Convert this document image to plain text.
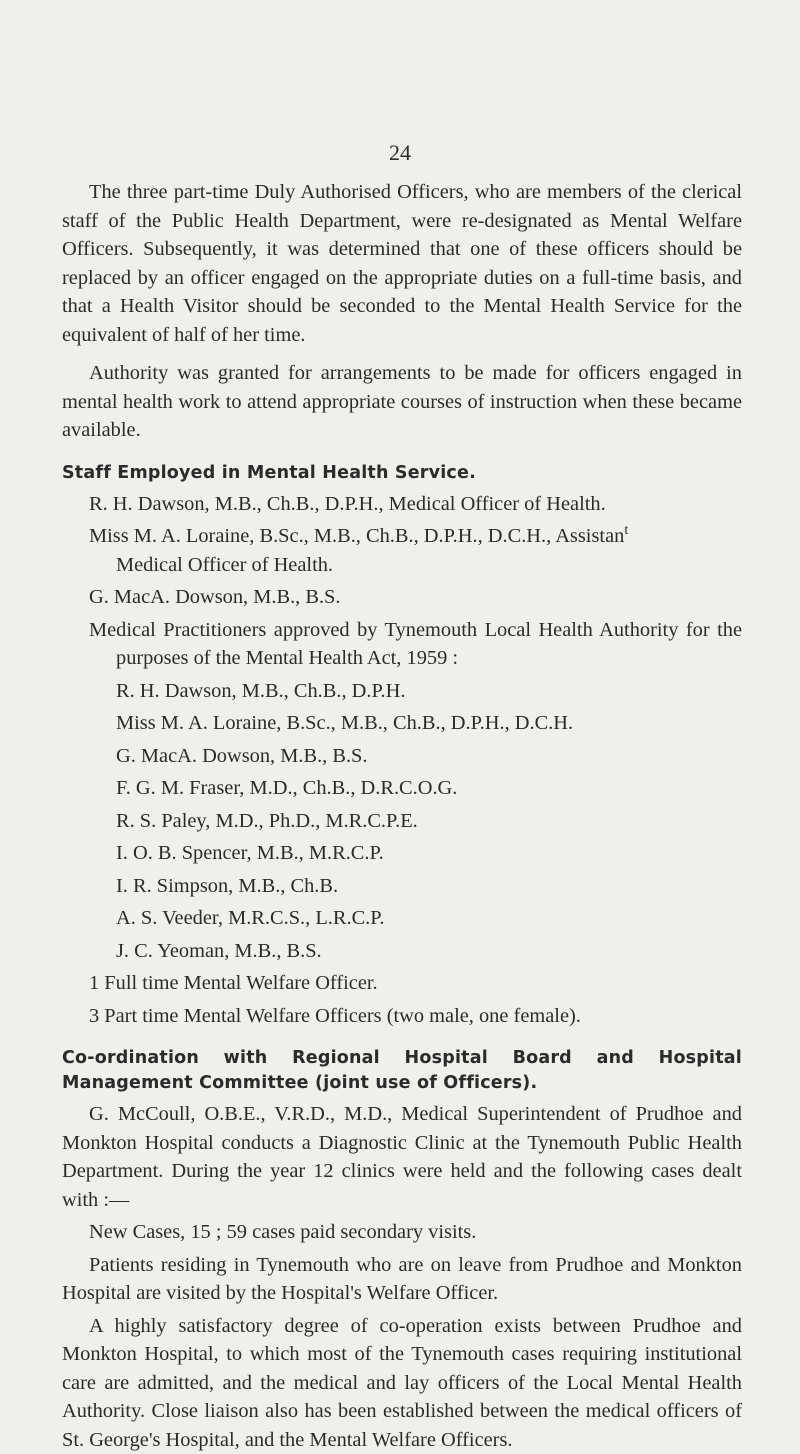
24

The three part-time Duly Authorised Officers, who are members of the clerical staff of the Public Health Department, were re-designated as Mental Welfare Officers. Subsequently, it was determined that one of these officers should be replaced by an officer engaged on the appropriate duties on a full-time basis, and that a Health Visitor should be seconded to the Mental Health Service for the equivalent of half of her time.

Authority was granted for arrangements to be made for officers engaged in mental health work to attend appropriate courses of instruction when these became available.

Staff Employed in Mental Health Service.

R. H. Dawson, M.B., Ch.B., D.P.H., Medical Officer of Health.

Miss M. A. Loraine, B.Sc., M.B., Ch.B., D.P.H., D.C.H., Assistan$^t$
Medical Officer of Health.

G. MacA. Dowson, M.B., B.S.

Medical Practitioners approved by Tynemouth Local Health Authority for the purposes of the Mental Health Act, 1959 :

R. H. Dawson, M.B., Ch.B., D.P.H.

Miss M. A. Loraine, B.Sc., M.B., Ch.B., D.P.H., D.C.H.

G. MacA. Dowson, M.B., B.S.

F. G. M. Fraser, M.D., Ch.B., D.R.C.O.G.

R. S. Paley, M.D., Ph.D., M.R.C.P.E.

I. O. B. Spencer, M.B., M.R.C.P.

I. R. Simpson, M.B., Ch.B.

A. S. Veeder, M.R.C.S., L.R.C.P.

J. C. Yeoman, M.B., B.S.

1 Full time Mental Welfare Officer.

3 Part time Mental Welfare Officers (two male, one female).

Co-ordination with Regional Hospital Board and Hospital Management Committee (joint use of Officers).

G. McCoull, O.B.E., V.R.D., M.D., Medical Superintendent of Prudhoe and Monkton Hospital conducts a Diagnostic Clinic at the Tynemouth Public Health Department. During the year 12 clinics were held and the following cases dealt with :—

New Cases, 15 ; 59 cases paid secondary visits.

Patients residing in Tynemouth who are on leave from Prudhoe and Monkton Hospital are visited by the Hospital's Welfare Officer.

A highly satisfactory degree of co-operation exists between Prudhoe and Monkton Hospital, to which most of the Tynemouth cases requiring institutional care are admitted, and the medical and lay officers of the Local Mental Health Authority. Close liaison also has been established between the medical officers of St. George's Hospital, and the Mental Welfare Officers.
